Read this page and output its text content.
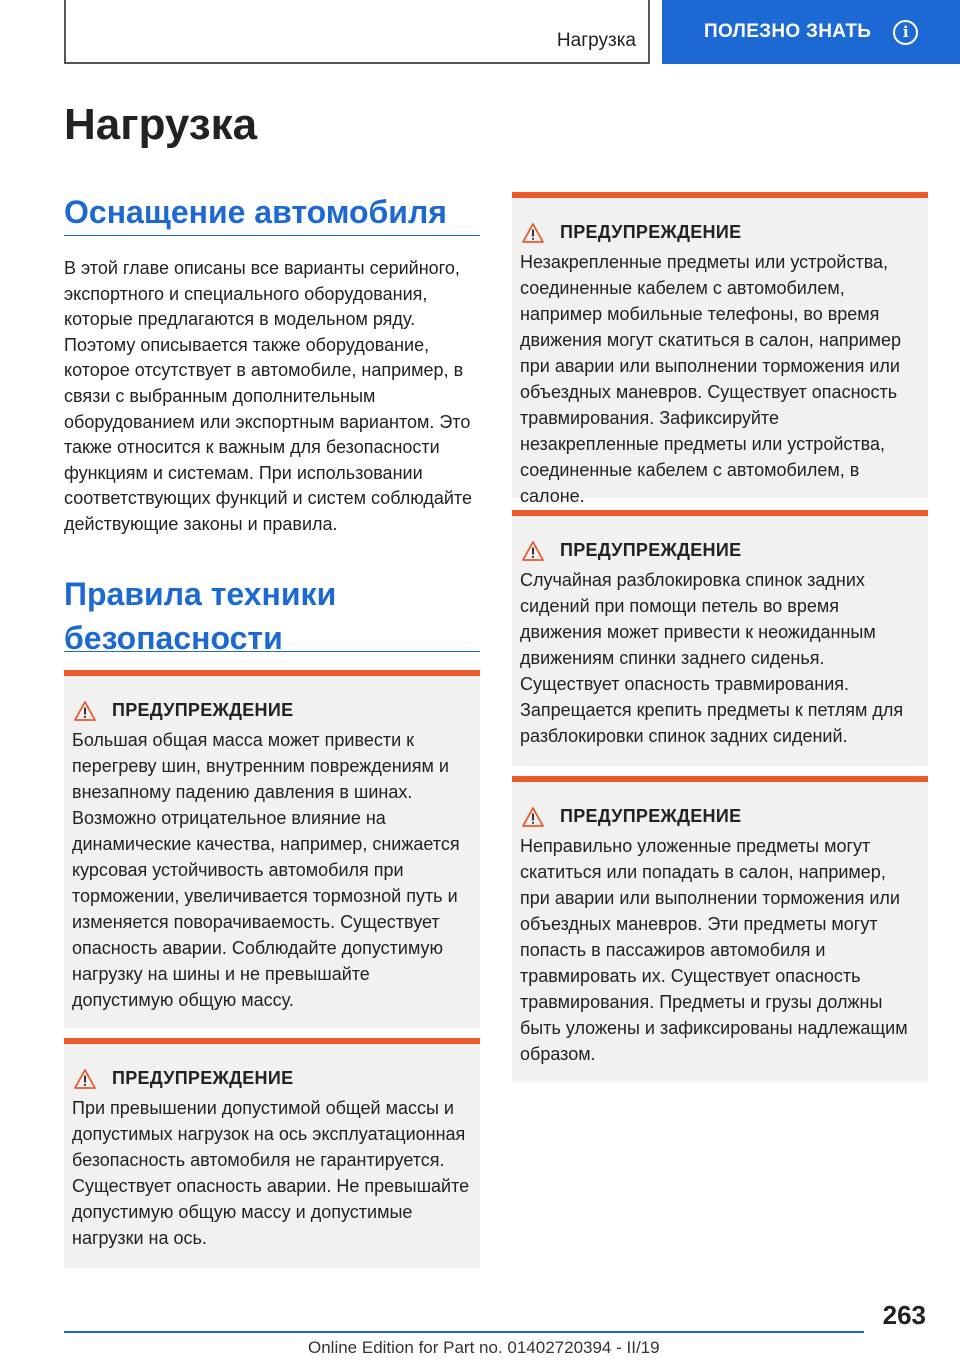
Нагрузка	ПОЛЕЗНО ЗНАТЬ	i
Нагрузка
Оснащение автомобиля

В этой главе описаны все варианты серийного, экспортного и специального оборудования, которые предлагаются в модельном ряду. Поэтому описывается также оборудование, которое отсутствует в автомобиле, например, в связи с выбранным дополнительным оборудованием или экспортным вариантом. Это также относится к важным для безопасности функциям и системам. При использовании соответствующих функций и систем соблюдайте действующие законы и правила.

Правила техники
безопасности
ПРЕДУПРЕЖДЕНИЕ

Большая общая масса может привести к перегреву шин, внутренним повреждениям и внезапному падению давления в шинах. Возможно отрицательное влияние на динамические качества, например, снижается курсовая устойчивость автомобиля при торможении, увеличивается тормозной путь и изменяется поворачиваемость. Существует опасность аварии. Соблюдайте допустимую нагрузку на шины и не превышайте допустимую общую массу.

ПРЕДУПРЕЖДЕНИЕ

При превышении допустимой общей массы и допустимых нагрузок на ось эксплуатационная безопасность автомобиля не гарантируется. Существует опасность аварии. Не превышайте допустимую общую массу и допустимые нагрузки на ось.

ПРЕДУПРЕЖДЕНИЕ

Незакрепленные предметы или устройства, соединенные кабелем с автомобилем, например мобильные телефоны, во время движения могут скатиться в салон, например при аварии или выполнении торможения или объездных маневров. Существует опасность травмирования. Зафиксируйте незакрепленные предметы или устройства, соединенные кабелем с автомобилем, в салоне.

ПРЕДУПРЕЖДЕНИЕ

Случайная разблокировка спинок задних сидений при помощи петель во время движения может привести к неожиданным движениям спинки заднего сиденья. Существует опасность травмирования. Запрещается крепить предметы к петлям для разблокировки спинок задних сидений.

ПРЕДУПРЕЖДЕНИЕ

Неправильно уложенные предметы могут скатиться или попадать в салон, например, при аварии или выполнении торможения или объездных маневров. Эти предметы могут попасть в пассажиров автомобиля и травмировать их. Существует опасность травмирования. Предметы и грузы должны быть уложены и зафиксированы надлежащим образом.

263
Online Edition for Part no. 01402720394 - II/19
